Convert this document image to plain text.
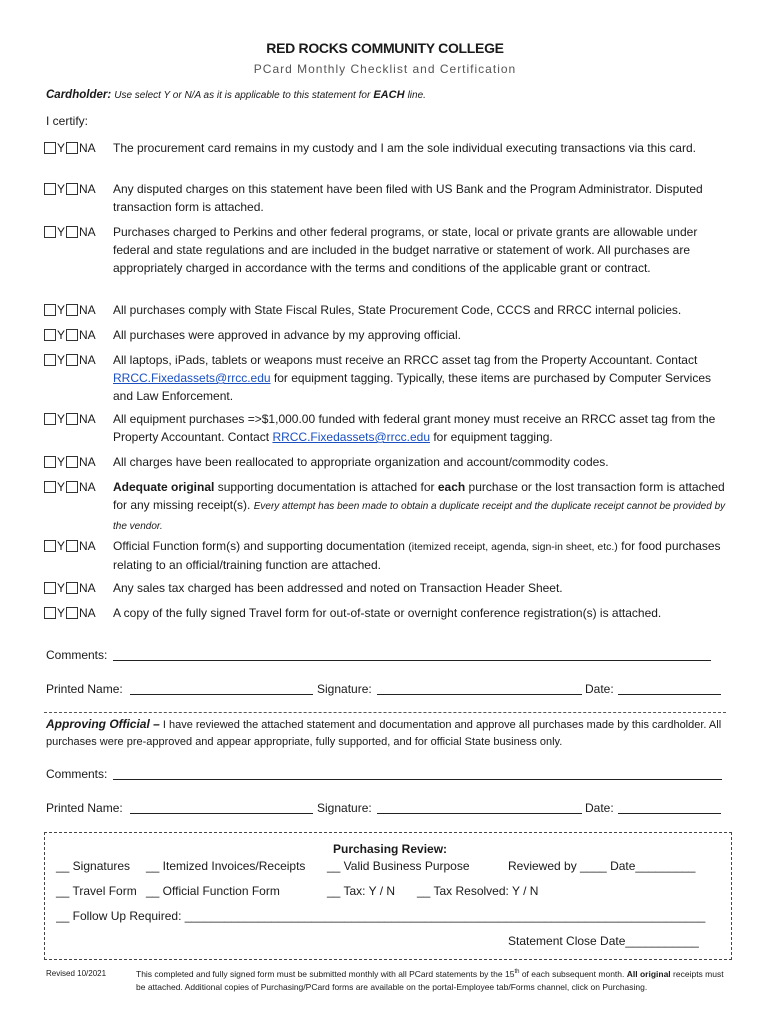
RED ROCKS COMMUNITY COLLEGE
PCard Monthly Checklist and Certification
Cardholder: Use select Y or N/A as it is applicable to this statement for EACH line.
I certify:
Y NA The procurement card remains in my custody and I am the sole individual executing transactions via this card.
Y NA Any disputed charges on this statement have been filed with US Bank and the Program Administrator. Disputed transaction form is attached.
Y NA Purchases charged to Perkins and other federal programs, or state, local or private grants are allowable under federal and state regulations and are included in the budget narrative or statement of work. All purchases are appropriately charged in accordance with the terms and conditions of the applicable grant or contract.
Y NA All purchases comply with State Fiscal Rules, State Procurement Code, CCCS and RRCC internal policies.
Y NA All purchases were approved in advance by my approving official.
Y NA All laptops, iPads, tablets or weapons must receive an RRCC asset tag from the Property Accountant. Contact RRCC.Fixedassets@rrcc.edu for equipment tagging. Typically, these items are purchased by Computer Services and Law Enforcement.
Y NA All equipment purchases =>$1,000.00 funded with federal grant money must receive an RRCC asset tag from the Property Accountant. Contact RRCC.Fixedassets@rrcc.edu for equipment tagging.
Y NA All charges have been reallocated to appropriate organization and account/commodity codes.
Y NA Adequate original supporting documentation is attached for each purchase or the lost transaction form is attached for any missing receipt(s). Every attempt has been made to obtain a duplicate receipt and the duplicate receipt cannot be provided by the vendor.
Y NA Official Function form(s) and supporting documentation (itemized receipt, agenda, sign-in sheet, etc.) for food purchases relating to an official/training function are attached.
Y NA Any sales tax charged has been addressed and noted on Transaction Header Sheet.
Y NA A copy of the fully signed Travel form for out-of-state or overnight conference registration(s) is attached.
Comments:
Printed Name:	Signature:	Date:
Approving Official – I have reviewed the attached statement and documentation and approve all purchases made by this cardholder. All purchases were pre-approved and appear appropriate, fully supported, and for official State business only.
Comments:
Printed Name:	Signature:	Date:
Purchasing Review:
__ Signatures __ Itemized Invoices/Receipts __ Valid Business Purpose	Reviewed by ____ Date_________
__ Travel Form __ Official Function Form	__ Tax: Y / N __ Tax Resolved: Y / N
__ Follow Up Required: ______________________________________________________________________________
Statement Close Date___________
Revised 10/2021	This completed and fully signed form must be submitted monthly with all PCard statements by the 15th of each subsequent month. All original receipts must be attached. Additional copies of Purchasing/PCard forms are available on the portal-Employee tab/Forms channel, click on Purchasing.
